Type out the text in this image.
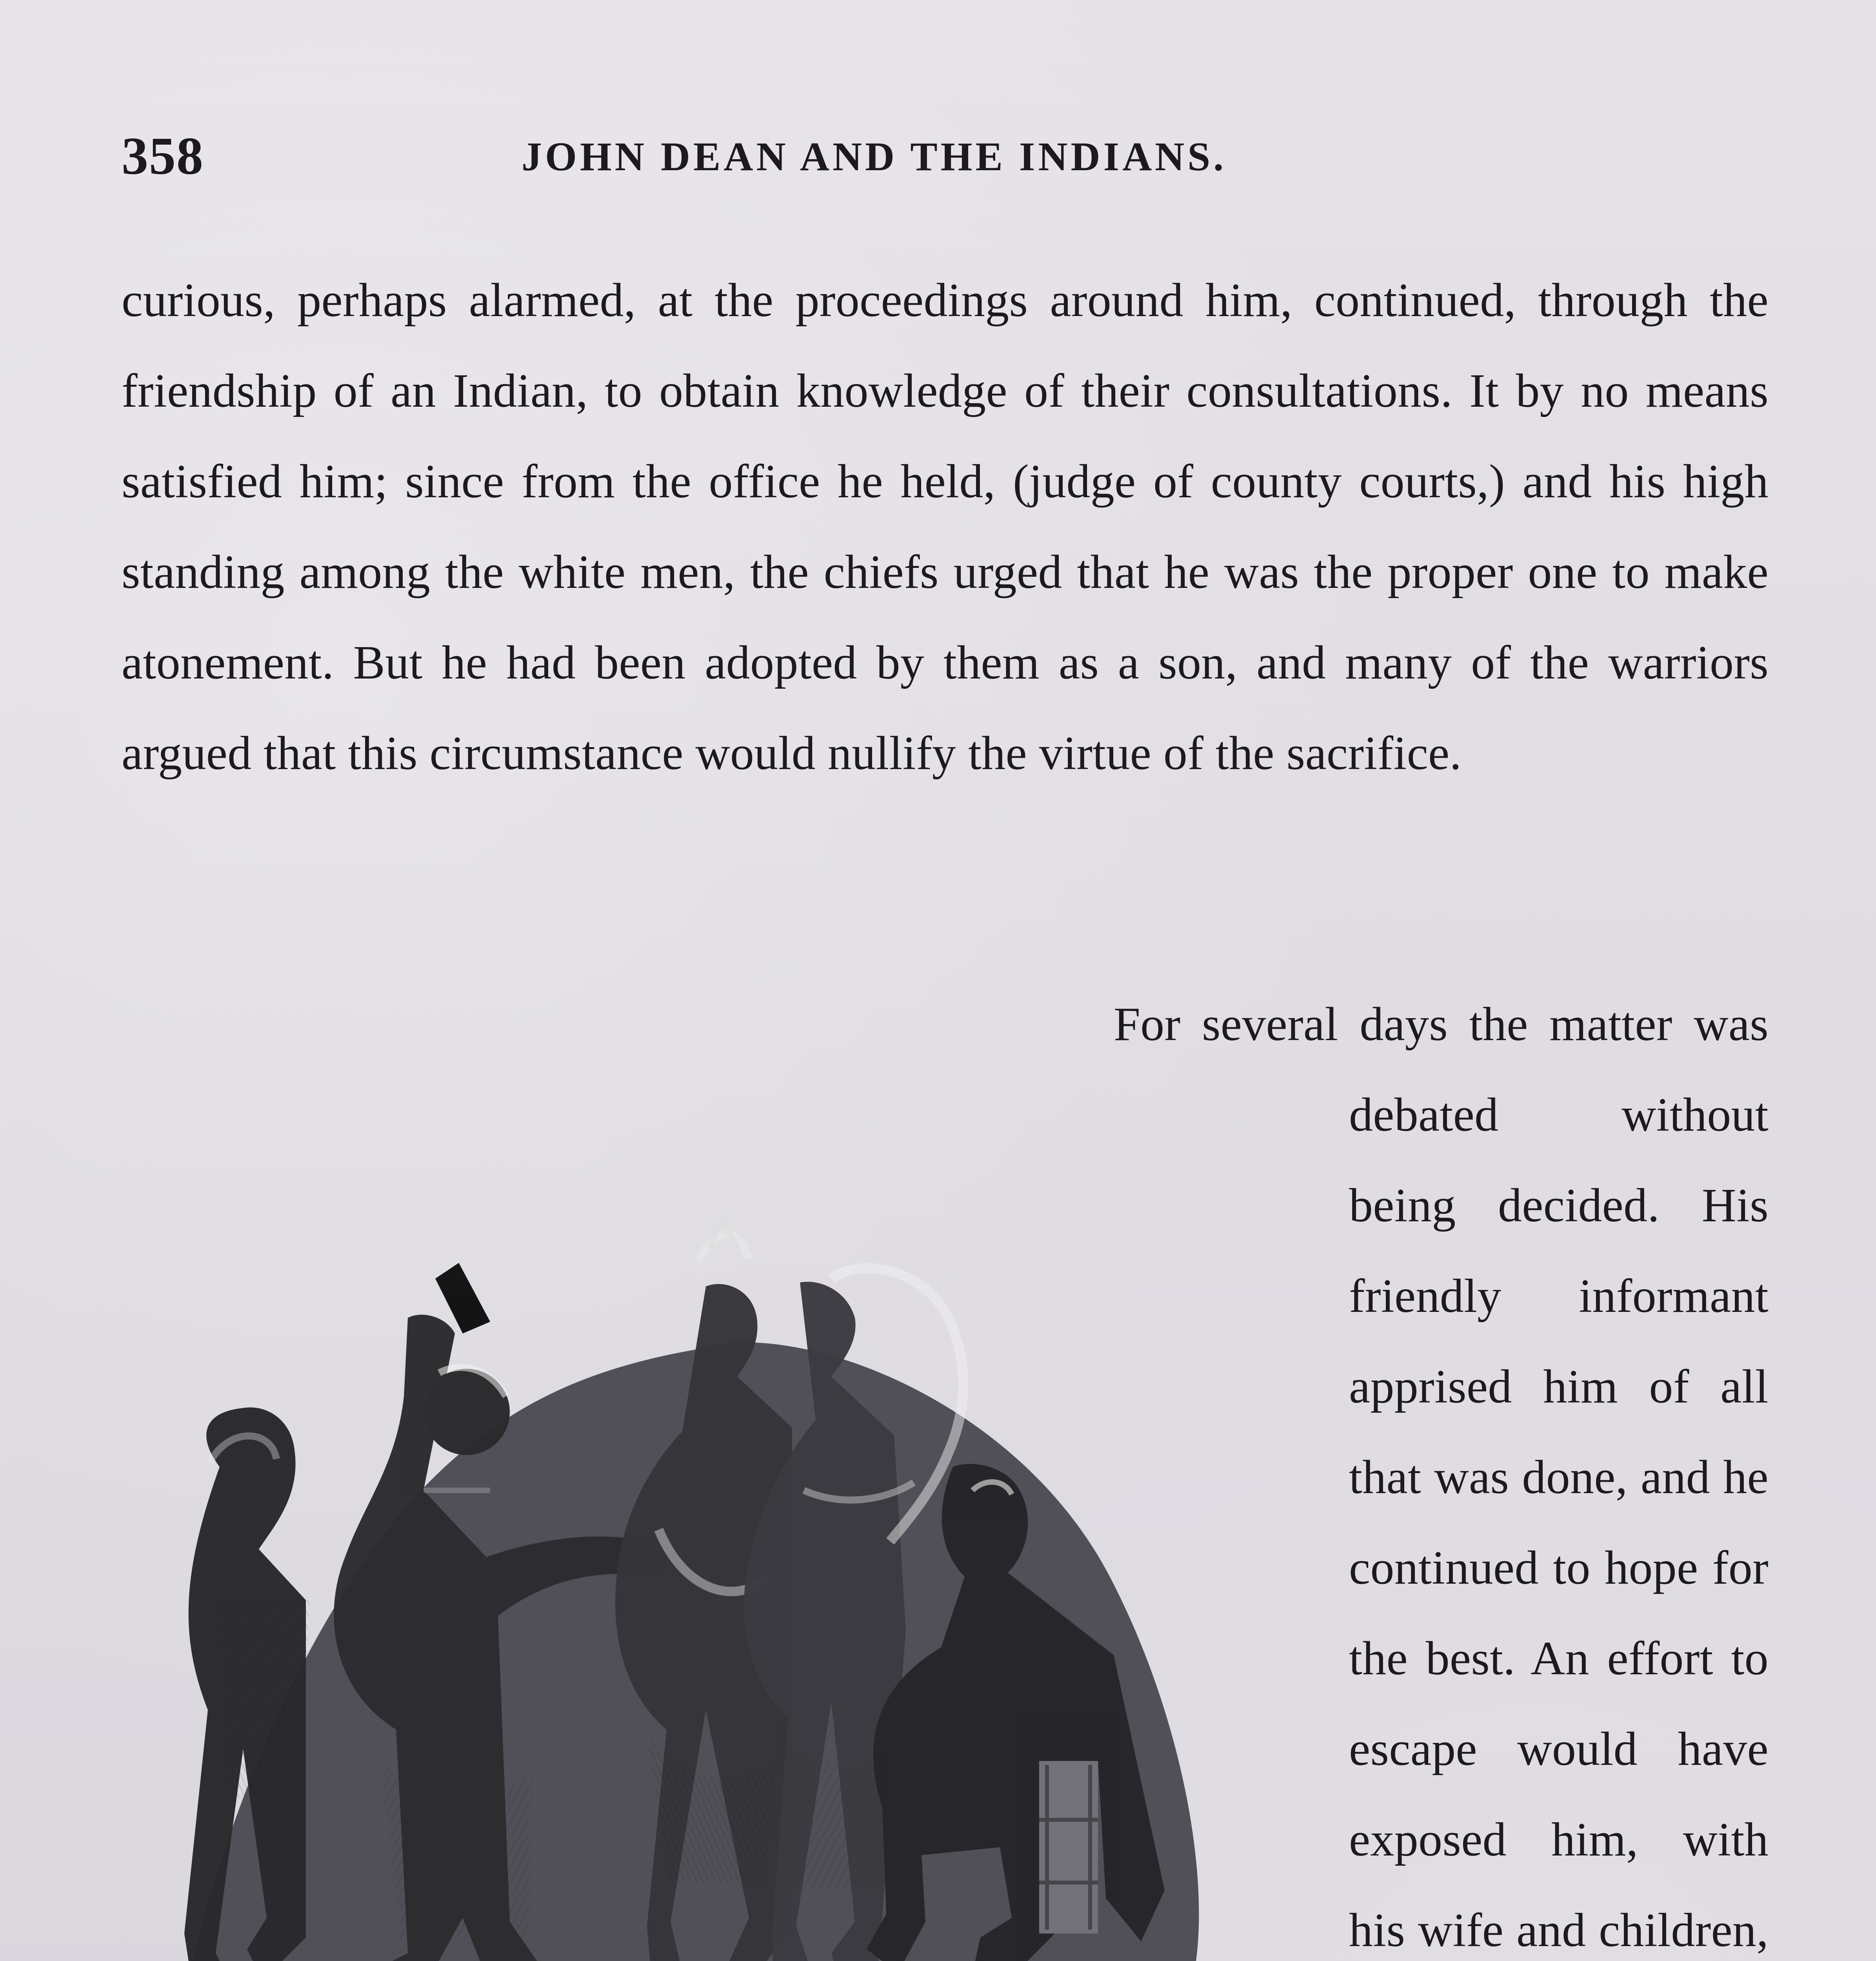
358	JOHN DEAN AND THE INDIANS.

curious, perhaps alarmed, at the proceedings around him, continued, through the friendship of an Indian, to obtain knowledge of their consultations. It by no means satisfied him; since from the office he held, (judge of county courts,) and his high standing among the white men, the chiefs urged that he was the proper one to make atonement. But he had been adopted by them as a son, and many of the warriors argued that this circumstance would nullify the virtue of the sacrifice.

For several days the matter was debated without being decided. His friendly informant apprised him of all that was done, and he continued to hope for the best. An effort to escape would have exposed him, with his wife and children,
